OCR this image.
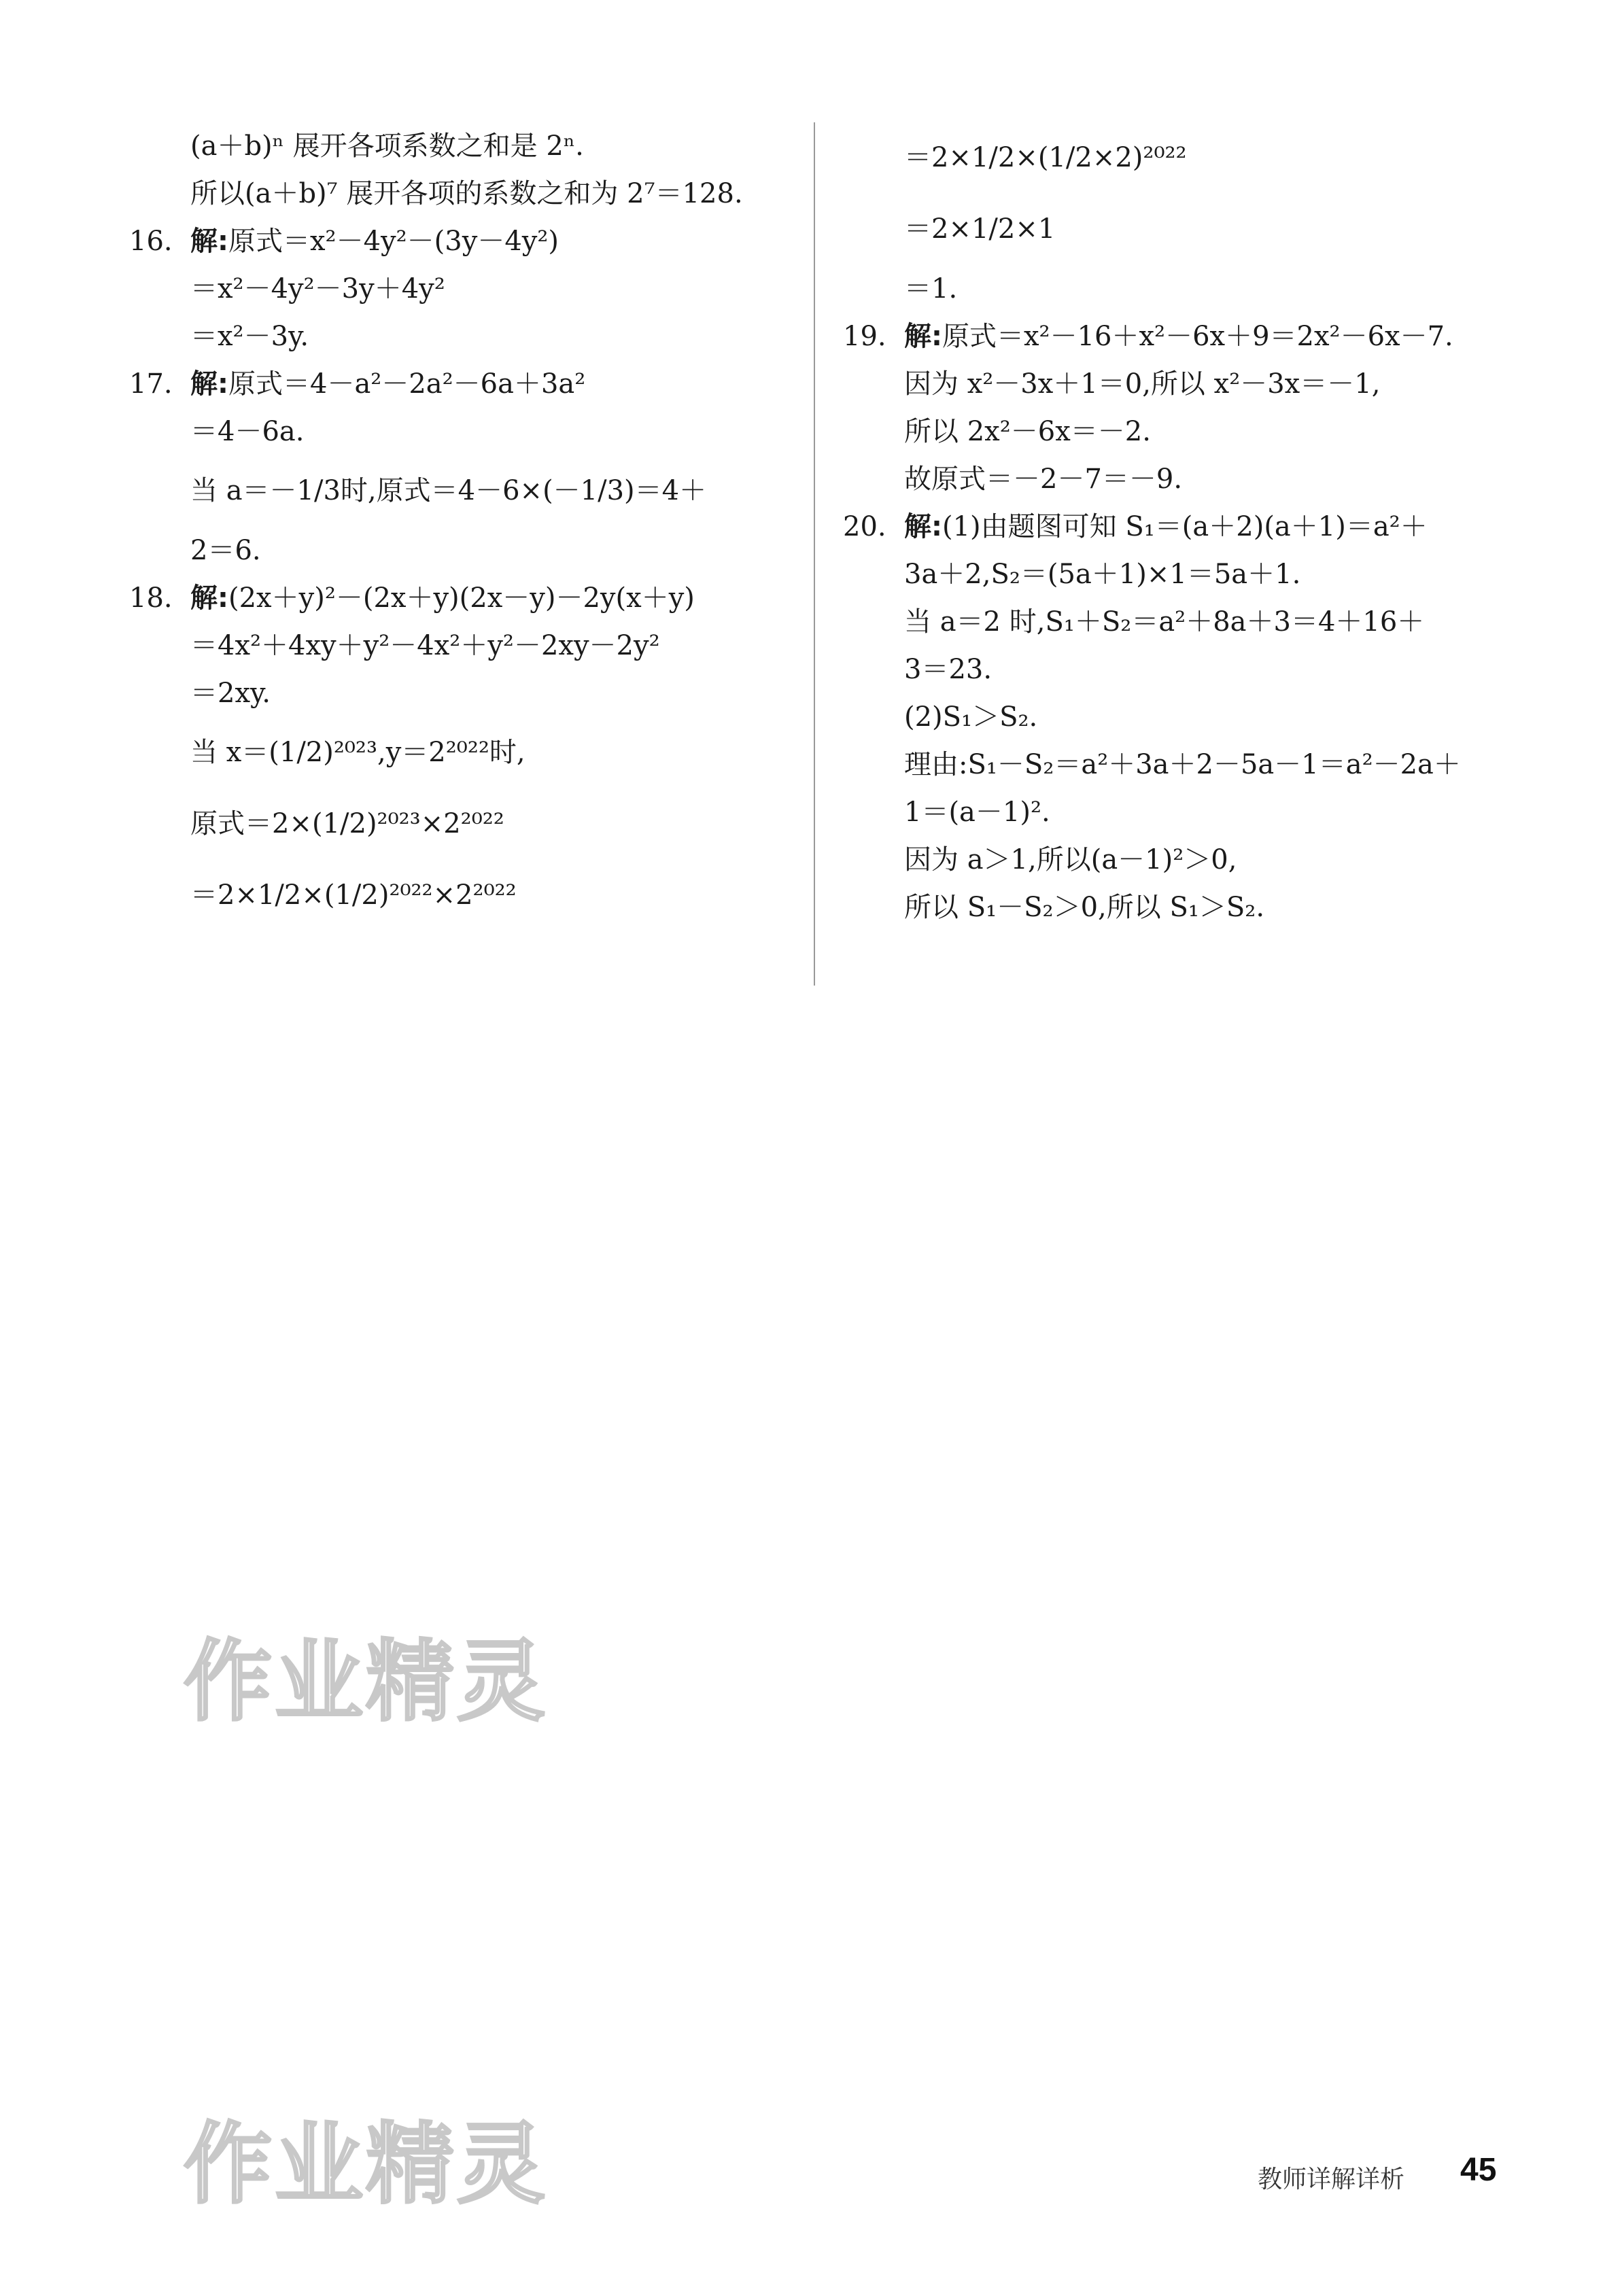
(a＋b)ⁿ 展开各项系数之和是 2ⁿ.
所以(a＋b)⁷ 展开各项的系数之和为 2⁷＝128.
16. 解:原式＝x²－4y²－(3y－4y²)
＝x²－4y²－3y＋4y²
＝x²－3y.
17. 解:原式＝4－a²－2a²－6a＋3a²
＝4－6a.
当 a＝－1/3时,原式＝4－6×(－1/3)＝4＋
2＝6.
18. 解:(2x＋y)²－(2x＋y)(2x－y)－2y(x＋y)
＝4x²＋4xy＋y²－4x²＋y²－2xy－2y²
＝2xy.
当 x＝(1/2)²⁰²³,y＝2²⁰²²时,
原式＝2×(1/2)²⁰²³×2²⁰²²
＝2×1/2×(1/2)²⁰²²×2²⁰²²
＝2×1/2×(1/2×2)²⁰²²
＝2×1/2×1
＝1.
19. 解:原式＝x²－16＋x²－6x＋9＝2x²－6x－7.
因为 x²－3x＋1＝0,所以 x²－3x＝－1,
所以 2x²－6x＝－2.
故原式＝－2－7＝－9.
20. 解:(1)由题图可知 S₁＝(a＋2)(a＋1)＝a²＋
3a＋2,S₂＝(5a＋1)×1＝5a＋1.
当 a＝2 时,S₁＋S₂＝a²＋8a＋3＝4＋16＋
3＝23.
(2)S₁＞S₂.
理由:S₁－S₂＝a²＋3a＋2－5a－1＝a²－2a＋
1＝(a－1)².
因为 a＞1,所以(a－1)²＞0,
所以 S₁－S₂＞0,所以 S₁＞S₂.
作业精灵
作业精灵	教师详解详析 45
